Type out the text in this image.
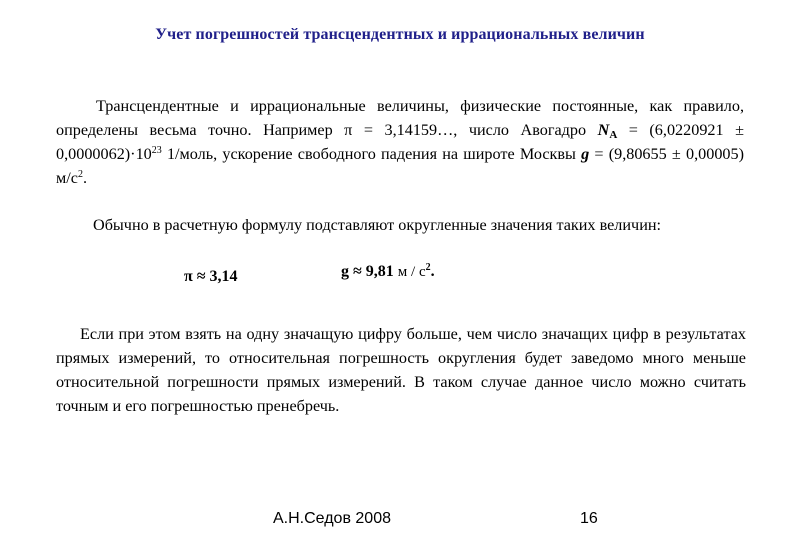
Учет погрешностей трансцендентных и иррациональных величин

Трансцендентные и иррациональные величины, физические постоянные, как правило, определены весьма точно. Например π = 3,14159…, число Авогадро $N_A = (6,0220921 \pm 0,0000062)\cdot 10^{23}$ 1/моль, ускорение свободного падения на широте Москвы g = (9,80655 ± 0,00005) $м/с^2$.

Обычно в расчетную формулу подставляют округленные значения таких величин:

π ≈ 3,14	g ≈ 9,81 м / $с^2$.

Если при этом взять на одну значащую цифру больше, чем число значащих цифр в результатах прямых измерений, то относительная погрешность округления будет заведомо много меньше относительной погрешности прямых измерений. В таком случае данное число можно считать точным и его погрешностью пренебречь.

А.Н.Седов 2008	16
